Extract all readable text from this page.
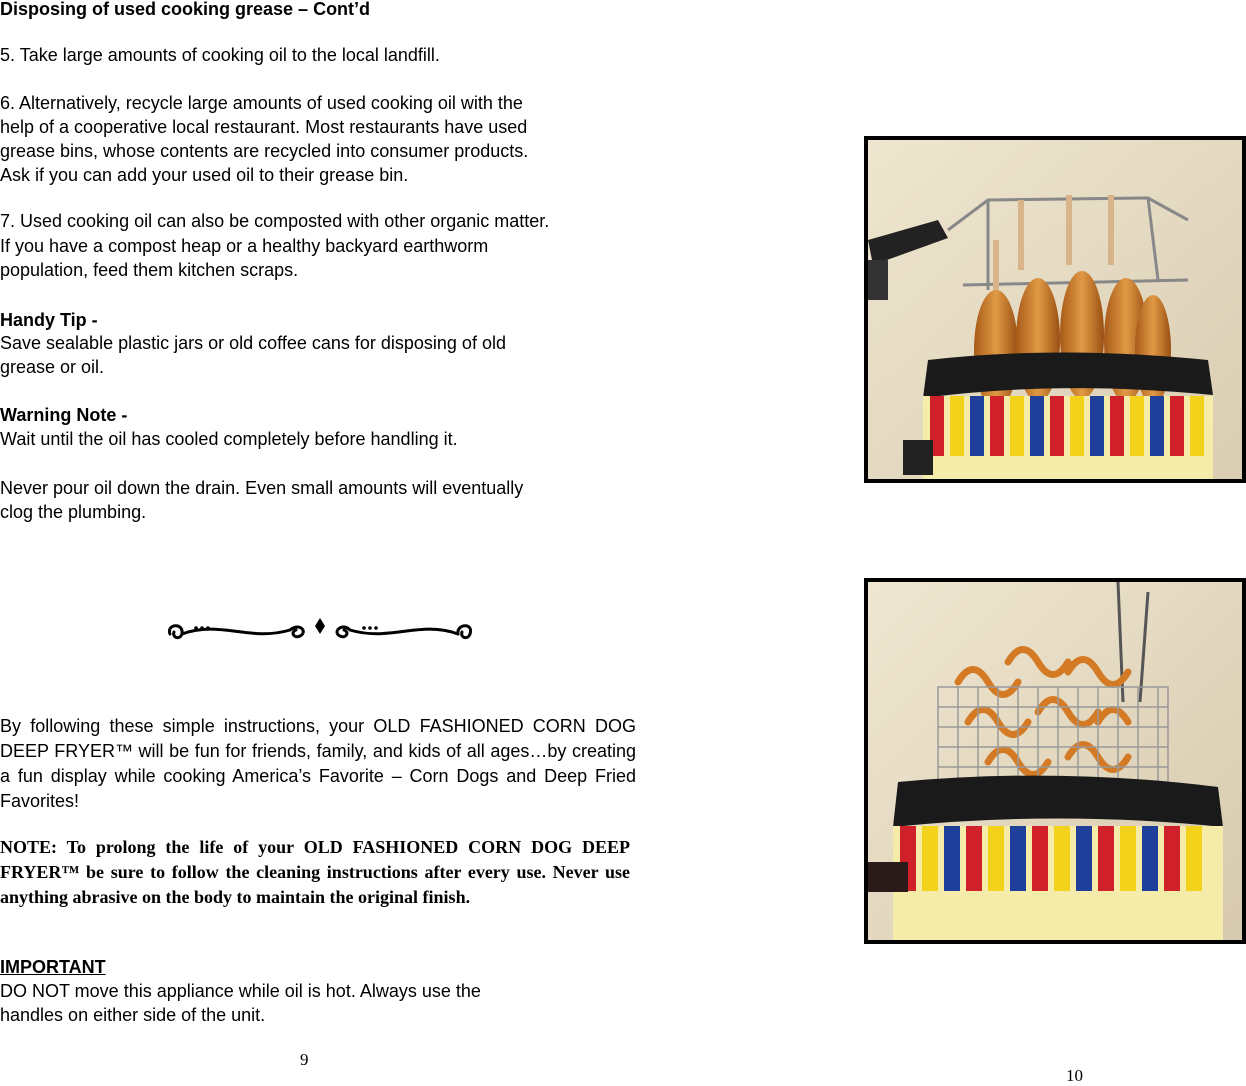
Disposing of used cooking grease – Cont’d

5. Take large amounts of cooking oil to the local landfill.

6. Alternatively, recycle large amounts of used cooking oil with the

help of a cooperative local restaurant. Most restaurants have used

grease bins, whose contents are recycled into consumer products.

Ask if you can add your used oil to their grease bin.

7. Used cooking oil can also be composted with other organic matter.

If you have a compost heap or a healthy backyard earthworm

population, feed them kitchen scraps.

Handy Tip -

Save sealable plastic jars or old coffee cans for disposing of old

grease or oil.

Warning Note -

Wait until the oil has cooled completely before handling it.

Never pour oil down the drain. Even small amounts will eventually

clog the plumbing.

By following these simple instructions, your OLD FASHIONED CORN DOG DEEP FRYER™ will be fun for friends, family, and kids of all ages…by creating a fun display while cooking America’s Favorite – Corn Dogs and Deep Fried Favorites!

NOTE: To prolong the life of your OLD FASHIONED CORN DOG DEEP FRYER™ be sure to follow the cleaning instructions after every use. Never use anything abrasive on the body to maintain the original finish.

IMPORTANT

DO NOT move this appliance while oil is hot. Always use the

handles on either side of the unit.

9
10
